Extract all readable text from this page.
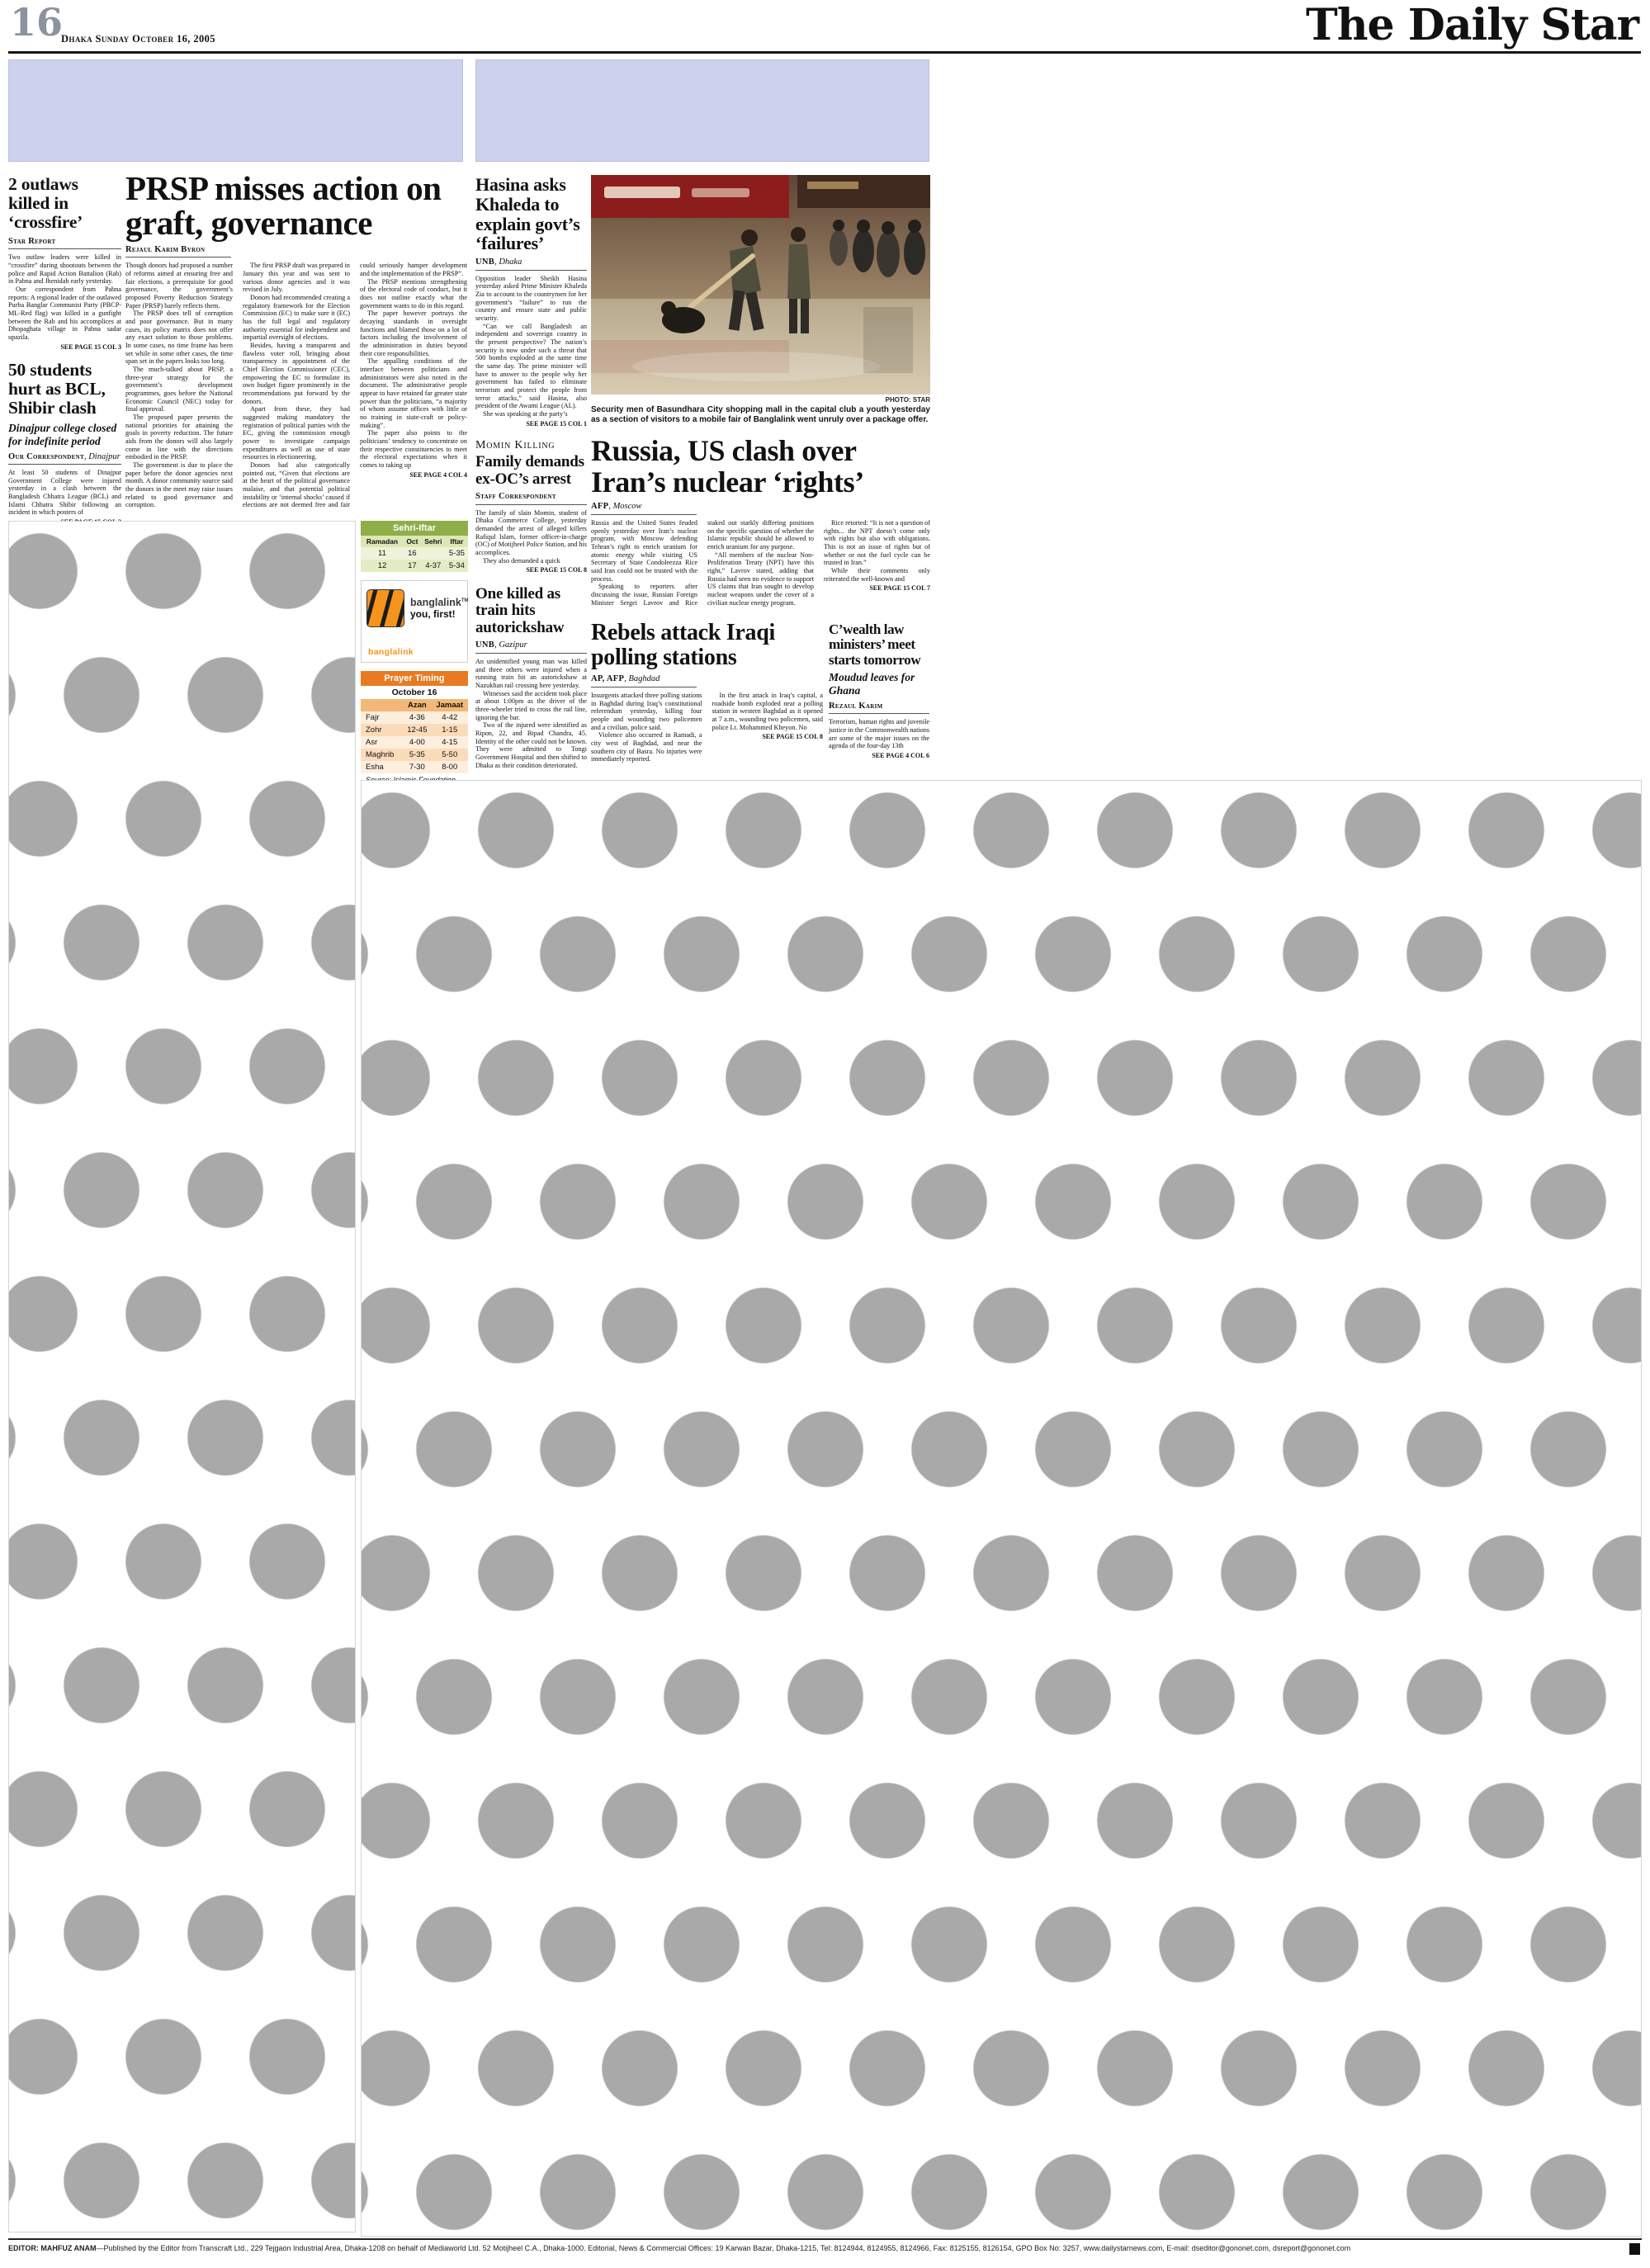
16
Dhaka Sunday October 16, 2005	The Daily Star
2 outlaws killed in ‘crossfire’
Star Report

Two outlaw leaders were killed in “crossfire” during shootouts between the police and Rapid Action Battalion (Rab) in Pabna and Jhenidah early yesterday.

Our correspondent from Pabna reports: A regional leader of the outlawed Purba Banglar Communist Party (PBCP-ML-Red flag) was killed in a gunfight between the Rab and his accomplices at Dhopaghata village in Pabna sadar upazila.

SEE PAGE 15 COL 3
50 students hurt as BCL, Shibir clash
Dinajpur college closed for indefinite period
Our Correspondent, Dinajpur

At least 50 students of Dinajpur Government College were injured yesterday in a clash between the Bangladesh Chhatra League (BCL) and Islami Chhatra Shibir following an incident in which posters of

PRSP misses action on graft, governance
Rejaul Karim Byron

Though donors had proposed a number of reforms aimed at ensuring free and fair elections, a prerequisite for good governance, the government’s proposed Poverty Reduction Strategy Paper (PRSP) barely reflects them.

The PRSP does tell of corruption and poor governance. But in many cases, its policy matrix does not offer any exact solution to those problems. In some cases, no time frame has been set while in some other cases, the time span set in the papers looks too long.

The much-talked about PRSP, a three-year strategy for the government’s development programmes, goes before the National Economic Council (NEC) today for final approval.

The proposed paper presents the national priorities for attaining the goals in poverty reduction. The future aids from the donors will also largely come in line with the directions embodied in the PRSP.

The government is due to place the paper before the donor agencies next month. A donor community source said the donors in the meet may raise issues related to good governance and corruption.

The first PRSP draft was prepared in January this year and was sent to various donor agencies and it was revised in July.

Donors had recommended creating a regulatory framework for the Election Commission (EC) to make sure it (EC) has the full legal and regulatory authority essential for independent and impartial oversight of elections.

Besides, having a transparent and flawless voter roll, bringing about transparency in appointment of the Chief Election Commissioner (CEC), empowering the EC to formulate its own budget figure prominently in the recommendations put forward by the donors.

Apart from these, they had suggested making mandatory the registration of political parties with the EC, giving the commission enough power to investigate campaign expenditures as well as use of state resources in electioneering.

Donors had also categorically pointed out, “Given that elections are at the heart of the political governance malaise, and that potential political instability or ‘internal shocks’ caused if elections are not deemed free and fair could seriously hamper development and the implementation of the PRSP”.

The PRSP mentions strengthening of the electoral code of conduct, but it does not outline exactly what the government wants to do in this regard.

The paper however portrays the decaying standards in oversight functions and blamed those on a lot of factors including the involvement of the administration in duties beyond their core responsibilities.

The appalling conditions of the interface between politicians and administrators were also noted in the document. The administrative people appear to have retained far greater state power than the politicians, “a majority of whom assume offices with little or no training in state-craft or policy-making”.

The paper also points to the politicians’ tendency to concentrate on their respective constituencies to meet the electoral expectations when it comes to taking up

SEE PAGE 4 COL 4
Hasina asks Khaleda to explain govt’s ‘failures’
UNB, Dhaka

Opposition leader Sheikh Hasina yesterday asked Prime Minister Khaleda Zia to account to the countrymen for her government’s “failure” to run the country and ensure state and public security.

“Can we call Bangladesh an independent and sovereign country in the present perspective? The nation’s security is now under such a threat that 500 bombs exploded at the same time the same day. The prime minister will have to answer to the people why her government has failed to eliminate terrorism and protect the people from terror attacks,” said Hasina, also president of the Awami League (AL).

She was speaking at the party’s

SEE PAGE 15 COL 1
Momin Killing
Family demands ex-OC’s arrest
Staff Correspondent

The family of slain Momin, student of Dhaka Commerce College, yesterday demanded the arrest of alleged killers Rafiqul Islam, former officer-in-charge (OC) of Motijheel Police Station, and his accomplices.

They also demanded a quick

SEE PAGE 15 COL 8
One killed as train hits autorickshaw
UNB, Gazipur

An unidentified young man was killed and three others were injured when a running train hit an autorickshaw at Nazukhan rail crossing here yesterday.

Witnesses said the accident took place at about 1:00pm as the driver of the three-wheeler tried to cross the rail line, ignoring the bar.

Two of the injured were identified as Ripon, 22, and Bipad Chandra, 45. Identity of the other could not be known. They were admitted to Tongi Government Hospital and then shifted to Dhaka as their condition deteriorated.

PHOTO: STAR
Security men of Basundhara City shopping mall in the capital club a youth yesterday as a section of visitors to a mobile fair of Banglalink went unruly over a package offer.
Russia, US clash over Iran’s nuclear ‘rights’
AFP, Moscow

Russia and the United States feuded openly yesterday over Iran’s nuclear program, with Moscow defending Tehran’s right to enrich uranium for atomic energy while visiting US Secretary of State Condoleezza Rice said Iran could not be trusted with the process.

Speaking to reporters after discussing the issue, Russian Foreign Minister Sergei Lavrov and Rice staked out starkly differing positions on the specific question of whether the Islamic republic should be allowed to enrich uranium for any purpose.

“All members of the nuclear Non-Proliferation Treaty (NPT) have this right,” Lavrov stated, adding that Russia had seen no evidence to support US claims that Iran sought to develop nuclear weapons under the cover of a civilian nuclear energy program.

Rice retorted: “It is not a question of rights... the NPT doesn’t come only with rights but also with obligations. This is not an issue of rights but of whether or not the fuel cycle can be trusted in Iran.”

While their comments only reiterated the well-known and

SEE PAGE 15 COL 7
Rebels attack Iraqi polling stations
AP, AFP, Baghdad

Insurgents attacked three polling stations in Baghdad during Iraq’s constitutional referendum yesterday, killing four people and wounding two policemen and a civilian, police said.

Violence also occurred in Ramadi, a city west of Baghdad, and near the southern city of Basra. No injuries were immediately reported.

In the first attack in Iraq’s capital, a roadside bomb exploded near a polling station in western Baghdad as it opened at 7 a.m., wounding two policemen, said police Lt. Mohammed Kheyon. No

SEE PAGE 15 COL 8
C’wealth law ministers’ meet starts tomorrow
Moudud leaves for Ghana
Rezaul Karim

Terrorism, human rights and juvenile justice in the Commonwealth nations are some of the major issues on the agenda of the four-day 13th

SEE PAGE 4 COL 6
Sehri-Iftar
Ramadan	Oct	Sehri	Iftar
11	16		5-35
12	17	4-37	5-34
banglalink™
you, first!
banglalink
Prayer Timing
October 16		
	Azan	Jamaat
Fajr	4-36	4-42
Zohr	12-45	1-15
Asr	4-00	4-15
Maghrib	5-35	5-50
Esha	7-30	8-00

EDITOR: MAHFUZ ANAM—Published by the Editor from Transcraft Ltd., 229 Tejgaon Industrial Area, Dhaka-1208 on behalf of Mediaworld Ltd. 52 Motijheel C.A., Dhaka-1000. Editorial, News & Commercial Offices: 19 Karwan Bazar, Dhaka-1215, Tel: 8124944, 8124955, 8124966, Fax: 8125155, 8126154, GPO Box No: 3257, www.dailystarnews.com, E-mail: dseditor@gononet.com, dsreport@gononet.com
